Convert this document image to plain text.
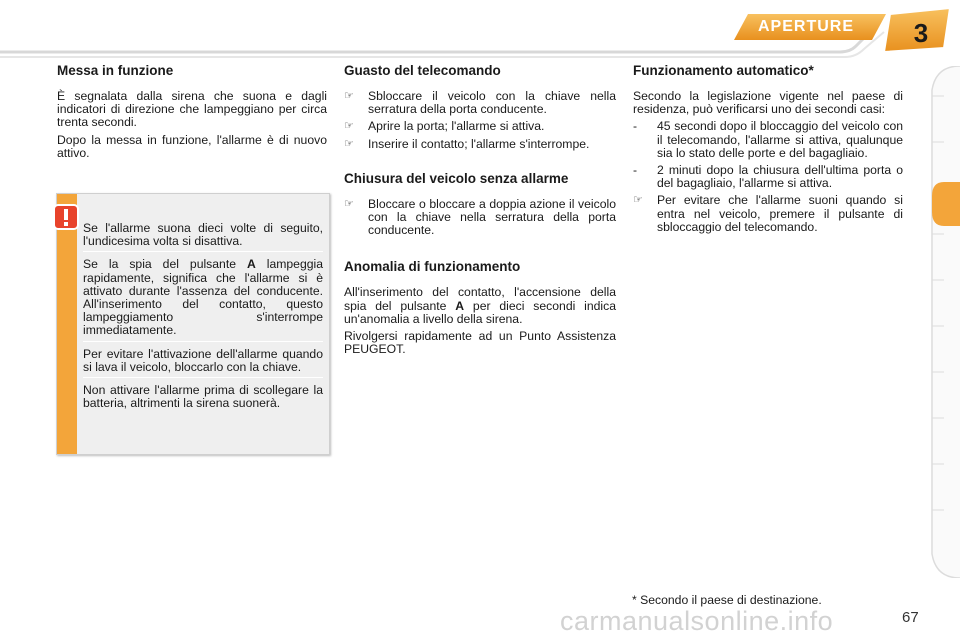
APERTURE 3
Messa in funzione

È segnalata dalla sirena che suona e dagli indicatori di direzione che lampeggiano per circa trenta secondi.

Dopo la messa in funzione, l'allarme è di nuovo attivo.

Se l'allarme suona dieci volte di seguito, l'undicesima volta si disattiva.

Se la spia del pulsante A lampeggia rapidamente, significa che l'allarme si è attivato durante l'assenza del conducente. All'inserimento del contatto, questo lampeggiamento s'interrompe immediatamente.

Per evitare l'attivazione dell'allarme quando si lava il veicolo, bloccarlo con la chiave.

Non attivare l'allarme prima di scollegare la batteria, altrimenti la sirena suonerà.

Guasto del telecomando
☞ Sbloccare il veicolo con la chiave nella serratura della porta conducente.
☞ Aprire la porta; l'allarme si attiva.
☞ Inserire il contatto; l'allarme s'interrompe.
Chiusura del veicolo senza allarme
☞ Bloccare o bloccare a doppia azione il veicolo con la chiave nella serratura della porta conducente.
Anomalia di funzionamento

All'inserimento del contatto, l'accensione della spia del pulsante A per dieci secondi indica un'anomalia a livello della sirena.

Rivolgersi rapidamente ad un Punto Assistenza PEUGEOT.

Funzionamento automatico*

Secondo la legislazione vigente nel paese di residenza, può verificarsi uno dei secondi casi:

- 45 secondi dopo il bloccaggio del veicolo con il telecomando, l'allarme si attiva, qualunque sia lo stato delle porte e del bagagliaio.
- 2 minuti dopo la chiusura dell'ultima porta o del bagagliaio, l'allarme si attiva.
☞ Per evitare che l'allarme suoni quando si entra nel veicolo, premere il pulsante di sbloccaggio del telecomando.
carmanualsonline.info
* Secondo il paese di destinazione.
67
